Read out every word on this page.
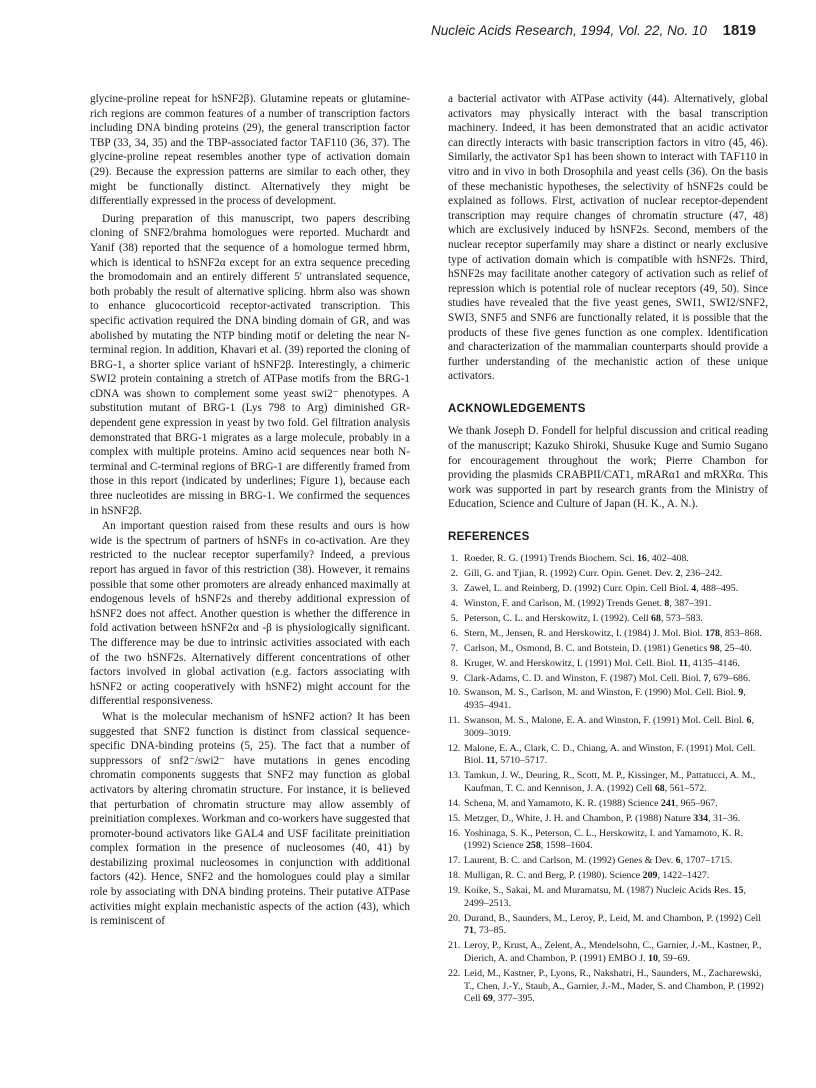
Nucleic Acids Research, 1994, Vol. 22, No. 10 1819

glycine-proline repeat for hSNF2β). Glutamine repeats or glutamine-rich regions are common features of a number of transcription factors including DNA binding proteins (29), the general transcription factor TBP (33, 34, 35) and the TBP-associated factor TAF110 (36, 37). The glycine-proline repeat resembles another type of activation domain (29). Because the expression patterns are similar to each other, they might be functionally distinct. Alternatively they might be differentially expressed in the process of development.

During preparation of this manuscript, two papers describing cloning of SNF2/brahma homologues were reported. Muchardt and Yanif (38) reported that the sequence of a homologue termed hbrm, which is identical to hSNF2α except for an extra sequence preceding the bromodomain and an entirely different 5' untranslated sequence, both probably the result of alternative splicing. hbrm also was shown to enhance glucocorticoid receptor-activated transcription. This specific activation required the DNA binding domain of GR, and was abolished by mutating the NTP binding motif or deleting the near N-terminal region. In addition, Khavari et al. (39) reported the cloning of BRG-1, a shorter splice variant of hSNF2β. Interestingly, a chimeric SWI2 protein containing a stretch of ATPase motifs from the BRG-1 cDNA was shown to complement some yeast swi2⁻ phenotypes. A substitution mutant of BRG-1 (Lys 798 to Arg) diminished GR-dependent gene expression in yeast by two fold. Gel filtration analysis demonstrated that BRG-1 migrates as a large molecule, probably in a complex with multiple proteins. Amino acid sequences near both N-terminal and C-terminal regions of BRG-1 are differently framed from those in this report (indicated by underlines; Figure 1), because each three nucleotides are missing in BRG-1. We confirmed the sequences in hSNF2β.

An important question raised from these results and ours is how wide is the spectrum of partners of hSNFs in co-activation. Are they restricted to the nuclear receptor superfamily? Indeed, a previous report has argued in favor of this restriction (38). However, it remains possible that some other promoters are already enhanced maximally at endogenous levels of hSNF2s and thereby additional expression of hSNF2 does not affect. Another question is whether the difference in fold activation between hSNF2α and -β is physiologically significant. The difference may be due to intrinsic activities associated with each of the two hSNF2s. Alternatively different concentrations of other factors involved in global activation (e.g. factors associating with hSNF2 or acting cooperatively with hSNF2) might account for the differential responsiveness.

What is the molecular mechanism of hSNF2 action? It has been suggested that SNF2 function is distinct from classical sequence-specific DNA-binding proteins (5, 25). The fact that a number of suppressors of snf2⁻/swi2⁻ have mutations in genes encoding chromatin components suggests that SNF2 may function as global activators by altering chromatin structure. For instance, it is believed that perturbation of chromatin structure may allow assembly of preinitiation complexes. Workman and co-workers have suggested that promoter-bound activators like GAL4 and USF facilitate preinitiation complex formation in the presence of nucleosomes (40, 41) by destabilizing proximal nucleosomes in conjunction with additional factors (42). Hence, SNF2 and the homologues could play a similar role by associating with DNA binding proteins. Their putative ATPase activities might explain mechanistic aspects of the action (43), which is reminiscent of

a bacterial activator with ATPase activity (44). Alternatively, global activators may physically interact with the basal transcription machinery. Indeed, it has been demonstrated that an acidic activator can directly interacts with basic transcription factors in vitro (45, 46). Similarly, the activator Sp1 has been shown to interact with TAF110 in vitro and in vivo in both Drosophila and yeast cells (36). On the basis of these mechanistic hypotheses, the selectivity of hSNF2s could be explained as follows. First, activation of nuclear receptor-dependent transcription may require changes of chromatin structure (47, 48) which are exclusively induced by hSNF2s. Second, members of the nuclear receptor superfamily may share a distinct or nearly exclusive type of activation domain which is compatible with hSNF2s. Third, hSNF2s may facilitate another category of activation such as relief of repression which is potential role of nuclear receptors (49, 50). Since studies have revealed that the five yeast genes, SWI1, SWI2/SNF2, SWI3, SNF5 and SNF6 are functionally related, it is possible that the products of these five genes function as one complex. Identification and characterization of the mammalian counterparts should provide a further understanding of the mechanistic action of these unique activators.

ACKNOWLEDGEMENTS

We thank Joseph D. Fondell for helpful discussion and critical reading of the manuscript; Kazuko Shiroki, Shusuke Kuge and Sumio Sugano for encouragement throughout the work; Pierre Chambon for providing the plasmids CRABPII/CAT1, mRARα1 and mRXRα. This work was supported in part by research grants from the Ministry of Education, Science and Culture of Japan (H. K., A. N.).

REFERENCES
1. Roeder, R. G. (1991) Trends Biochem. Sci. 16, 402–408.
2. Gill, G. and Tjian, R. (1992) Curr. Opin. Genet. Dev. 2, 236–242.
3. Zawel, L. and Reinberg, D. (1992) Curr. Opin. Cell Biol. 4, 488–495.
4. Winston, F. and Carlson, M. (1992) Trends Genet. 8, 387–391.
5. Peterson, C. L. and Herskowitz, I. (1992). Cell 68, 573–583.
6. Stern, M., Jensen, R. and Herskowitz, I. (1984) J. Mol. Biol. 178, 853–868.
7. Carlson, M., Osmond, B. C. and Botstein, D. (1981) Genetics 98, 25–40.
8. Kruger, W. and Herskowitz, I. (1991) Mol. Cell. Biol. 11, 4135–4146.
9. Clark-Adams, C. D. and Winston, F. (1987) Mol. Cell. Biol. 7, 679–686.
10. Swanson, M. S., Carlson, M. and Winston, F. (1990) Mol. Cell. Biol. 9, 4935–4941.
11. Swanson, M. S., Malone, E. A. and Winston, F. (1991) Mol. Cell. Biol. 6, 3009–3019.
12. Malone, E. A., Clark, C. D., Chiang, A. and Winston, F. (1991) Mol. Cell. Biol. 11, 5710–5717.
13. Tamkun, J. W., Deuring, R., Scott, M. P., Kissinger, M., Pattatucci, A. M., Kaufman, T. C. and Kennison, J. A. (1992) Cell 68, 561–572.
14. Schena, M. and Yamamoto, K. R. (1988) Science 241, 965–967.
15. Metzger, D., White, J. H. and Chambon, P. (1988) Nature 334, 31–36.
16. Yoshinaga, S. K., Peterson, C. L., Herskowitz, I. and Yamamoto, K. R. (1992) Science 258, 1598–1604.
17. Laurent, B. C. and Carlson, M. (1992) Genes & Dev. 6, 1707–1715.
18. Mulligan, R. C. and Berg, P. (1980). Science 209, 1422–1427.
19. Koike, S., Sakai, M. and Muramatsu, M. (1987) Nucleic Acids Res. 15, 2499–2513.
20. Durand, B., Saunders, M., Leroy, P., Leid, M. and Chambon, P. (1992) Cell 71, 73–85.
21. Leroy, P., Krust, A., Zelent, A., Mendelsohn, C., Garnier, J.-M., Kastner, P., Dierich, A. and Chambon, P. (1991) EMBO J. 10, 59–69.
22. Leid, M., Kastner, P., Lyons, R., Nakshatri, H., Saunders, M., Zacharewski, T., Chen, J.-Y., Staub, A., Garnier, J.-M., Mader, S. and Chambon, P. (1992) Cell 69, 377–395.
